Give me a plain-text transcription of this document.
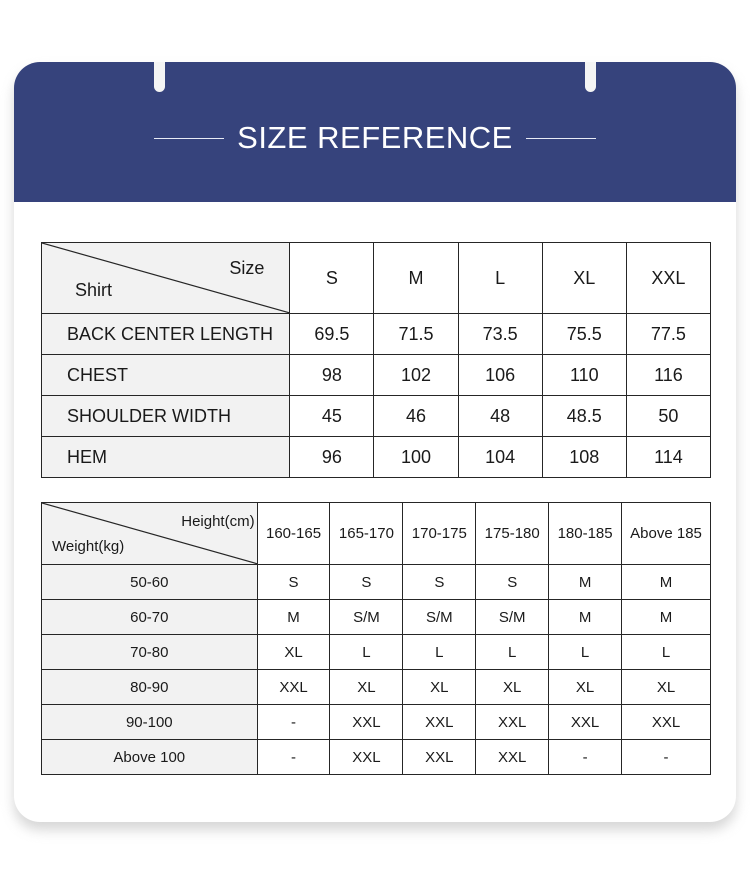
SIZE REFERENCE
Size
Shirt	S	M	L	XL	XXL
BACK CENTER LENGTH	69.5	71.5	73.5	75.5	77.5
CHEST	98	102	106	110	116
SHOULDER WIDTH	45	46	48	48.5	50
HEM	96	100	104	108	114
Height(cm)
Weight(kg)	160-165	165-170	170-175	175-180	180-185	Above 185
50-60	S	S	S	S	M	M
60-70	M	S/M	S/M	S/M	M	M
70-80	XL	L	L	L	L	L
80-90	XXL	XL	XL	XL	XL	XL
90-100	-	XXL	XXL	XXL	XXL	XXL
Above 100	-	XXL	XXL	XXL	-	-
